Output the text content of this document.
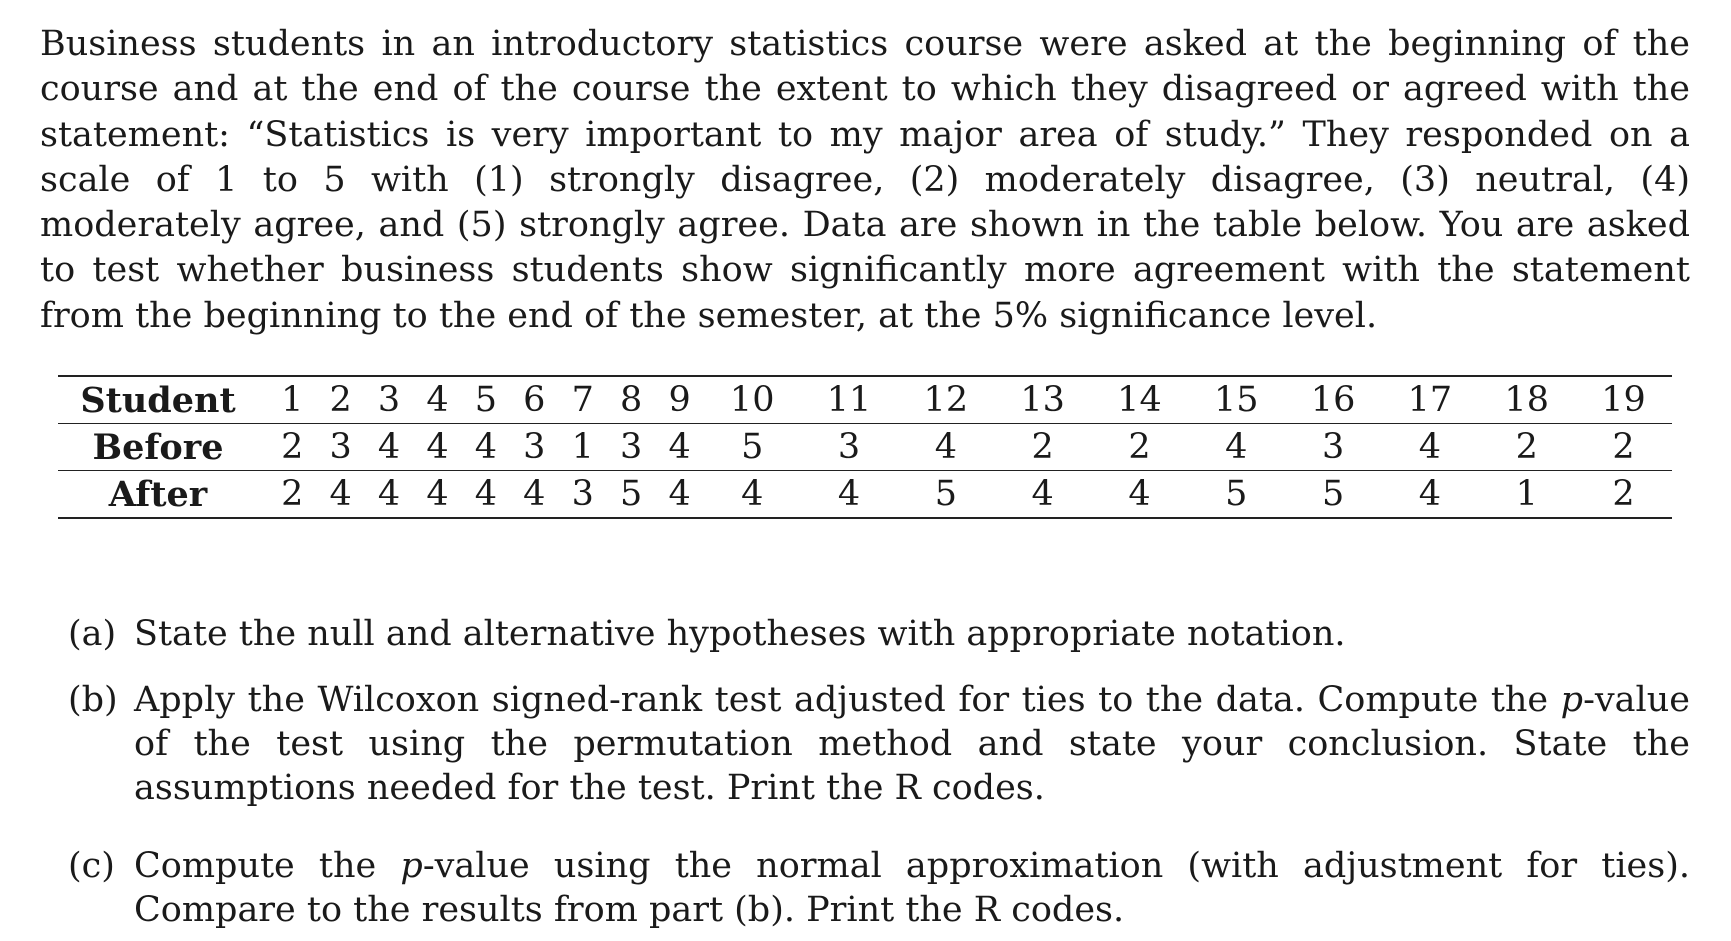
Business students in an introductory statistics course were asked at the beginning of the course and at the end of the course the extent to which they disagreed or agreed with the statement: “Statistics is very important to my major area of study.” They responded on a scale of 1 to 5 with (1) strongly disagree, (2) moderately disagree, (3) neutral, (4) moderately agree, and (5) strongly agree. Data are shown in the table below. You are asked to test whether business students show significantly more agreement with the statement from the beginning to the end of the semester, at the 5% significance level.

Student	1	2	3	4	5	6	7	8	9	10	11	12	13	14	15	16	17	18	19
Before	2	3	4	4	4	3	1	3	4	5	3	4	2	2	4	3	4	2	2
After	2	4	4	4	4	4	3	5	4	4	4	5	4	4	5	5	4	1	2
(a) State the null and alternative hypotheses with appropriate notation.
(b) Apply the Wilcoxon signed-rank test adjusted for ties to the data. Compute the p-value of the test using the permutation method and state your conclusion. State the assumptions needed for the test. Print the R codes.
(c) Compute the p-value using the normal approximation (with adjustment for ties). Compare to the results from part (b). Print the R codes.
